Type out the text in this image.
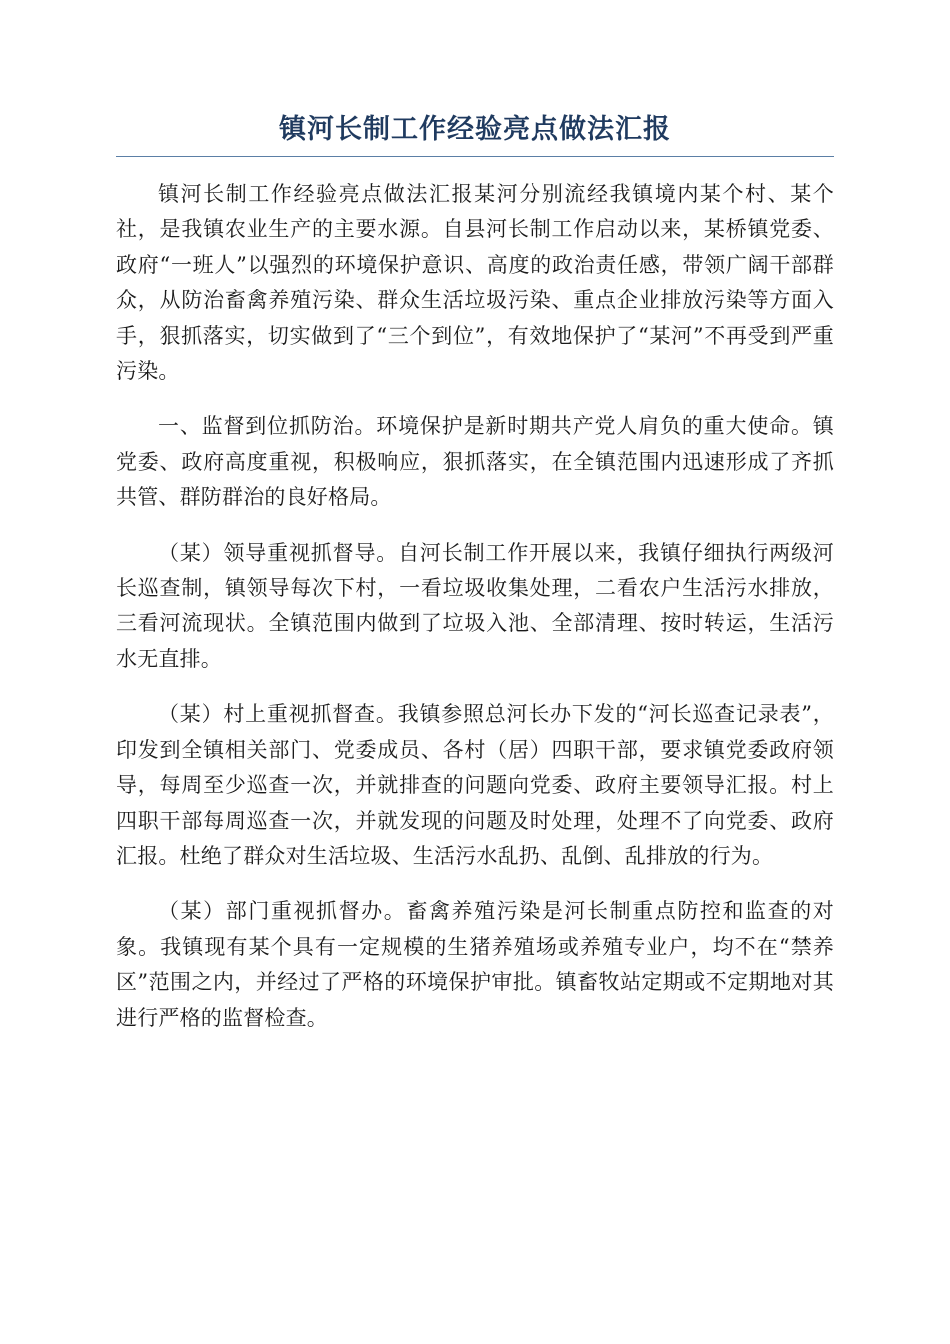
镇河长制工作经验亮点做法汇报

镇河长制工作经验亮点做法汇报某河分别流经我镇境内某个村、某个社，是我镇农业生产的主要水源。自县河长制工作启动以来，某桥镇党委、政府“一班人”以强烈的环境保护意识、高度的政治责任感，带领广阔干部群众，从防治畜禽养殖污染、群众生活垃圾污染、重点企业排放污染等方面入手，狠抓落实，切实做到了“三个到位”，有效地保护了“某河”不再受到严重污染。

一、监督到位抓防治。环境保护是新时期共产党人肩负的重大使命。镇党委、政府高度重视，积极响应，狠抓落实，在全镇范围内迅速形成了齐抓共管、群防群治的良好格局。

（某）领导重视抓督导。自河长制工作开展以来，我镇仔细执行两级河长巡查制，镇领导每次下村，一看垃圾收集处理，二看农户生活污水排放，三看河流现状。全镇范围内做到了垃圾入池、全部清理、按时转运，生活污水无直排。

（某）村上重视抓督查。我镇参照总河长办下发的“河长巡查记录表”，印发到全镇相关部门、党委成员、各村（居）四职干部，要求镇党委政府领导，每周至少巡查一次，并就排查的问题向党委、政府主要领导汇报。村上四职干部每周巡查一次，并就发现的问题及时处理，处理不了向党委、政府汇报。杜绝了群众对生活垃圾、生活污水乱扔、乱倒、乱排放的行为。

（某）部门重视抓督办。畜禽养殖污染是河长制重点防控和监查的对象。我镇现有某个具有一定规模的生猪养殖场或养殖专业户，均不在“禁养区”范围之内，并经过了严格的环境保护审批。镇畜牧站定期或不定期地对其进行严格的监督检查。
